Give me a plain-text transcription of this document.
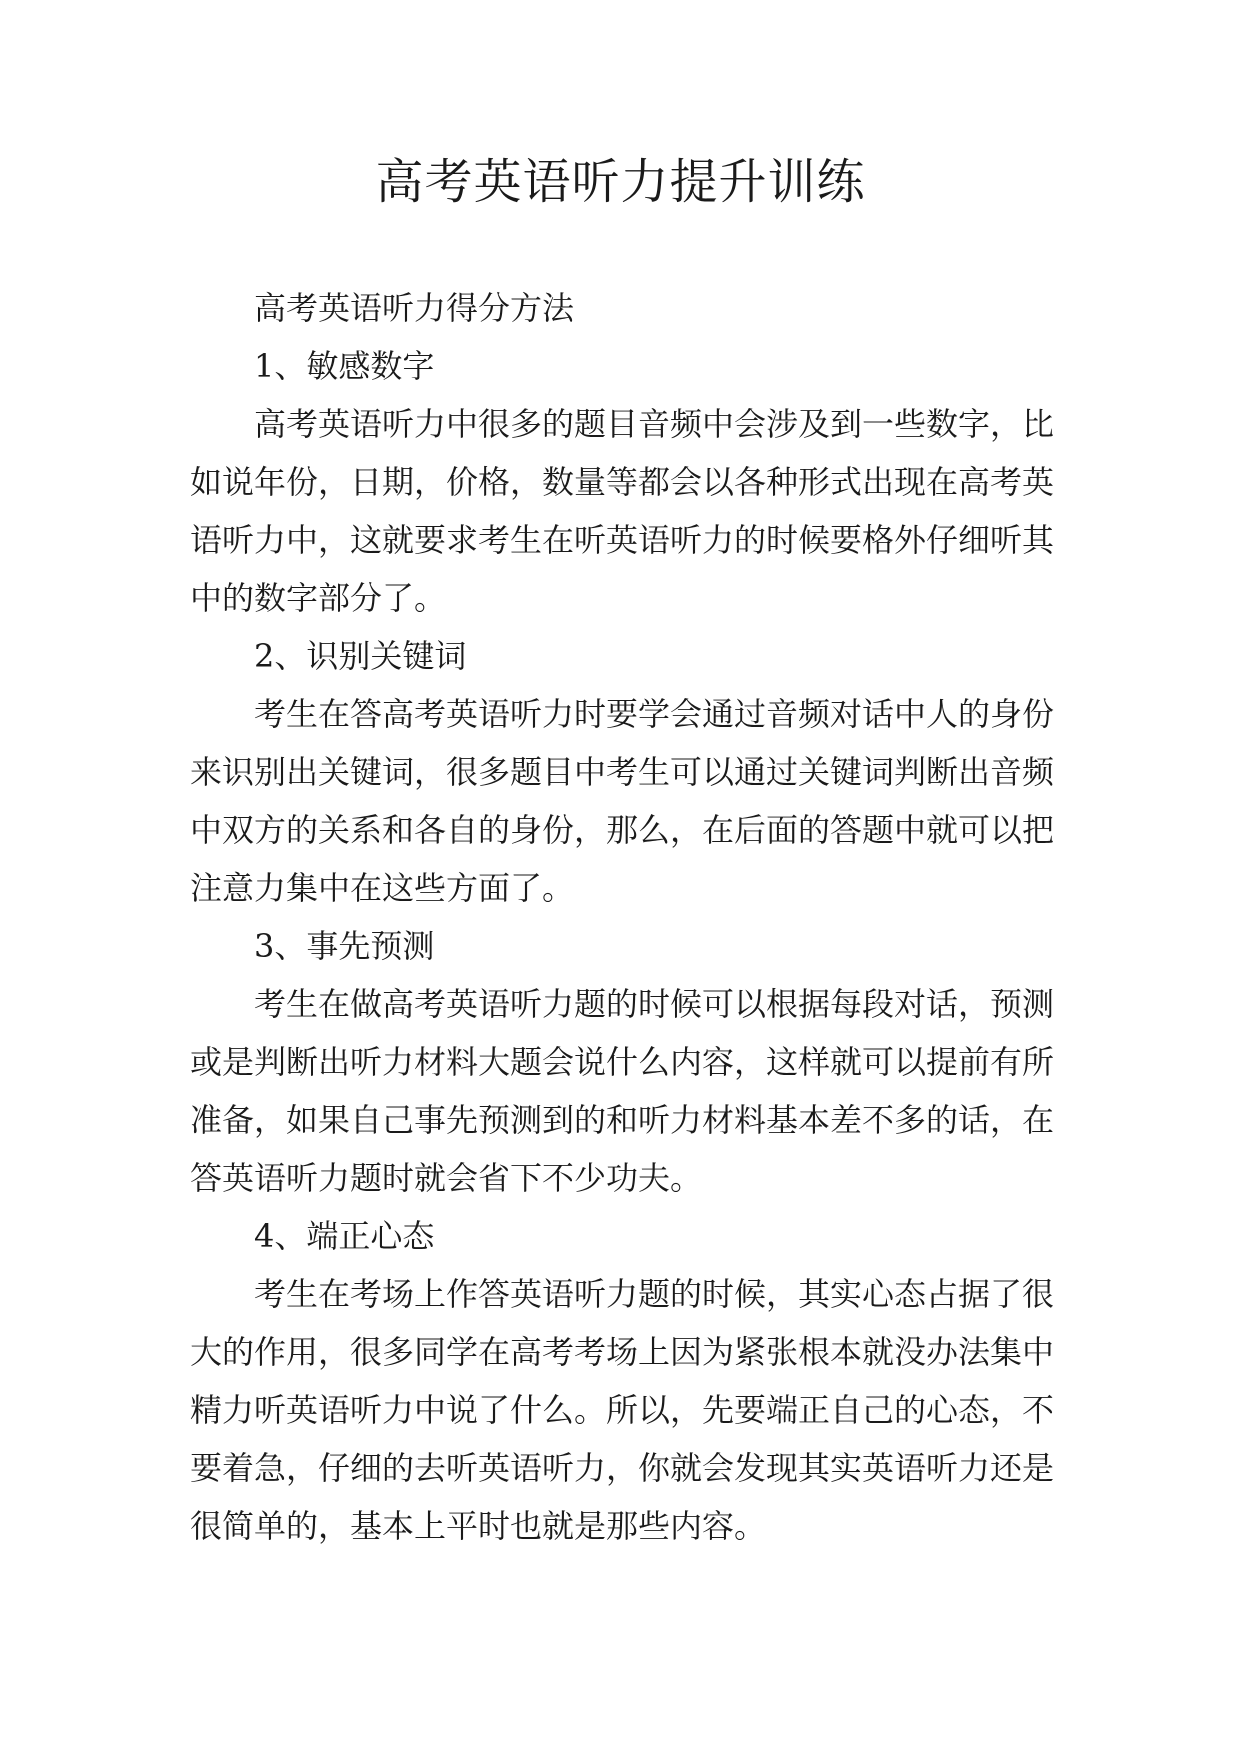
高考英语听力提升训练

高考英语听力得分方法

1、敏感数字

高考英语听力中很多的题目音频中会涉及到一些数字，比如说年份，日期，价格，数量等都会以各种形式出现在高考英语听力中，这就要求考生在听英语听力的时候要格外仔细听其中的数字部分了。

2、识别关键词

考生在答高考英语听力时要学会通过音频对话中人的身份来识别出关键词，很多题目中考生可以通过关键词判断出音频中双方的关系和各自的身份，那么，在后面的答题中就可以把注意力集中在这些方面了。

3、事先预测

考生在做高考英语听力题的时候可以根据每段对话，预测或是判断出听力材料大题会说什么内容，这样就可以提前有所准备，如果自己事先预测到的和听力材料基本差不多的话，在答英语听力题时就会省下不少功夫。

4、端正心态

考生在考场上作答英语听力题的时候，其实心态占据了很大的作用，很多同学在高考考场上因为紧张根本就没办法集中精力听英语听力中说了什么。所以，先要端正自己的心态，不要着急，仔细的去听英语听力，你就会发现其实英语听力还是很简单的，基本上平时也就是那些内容。
